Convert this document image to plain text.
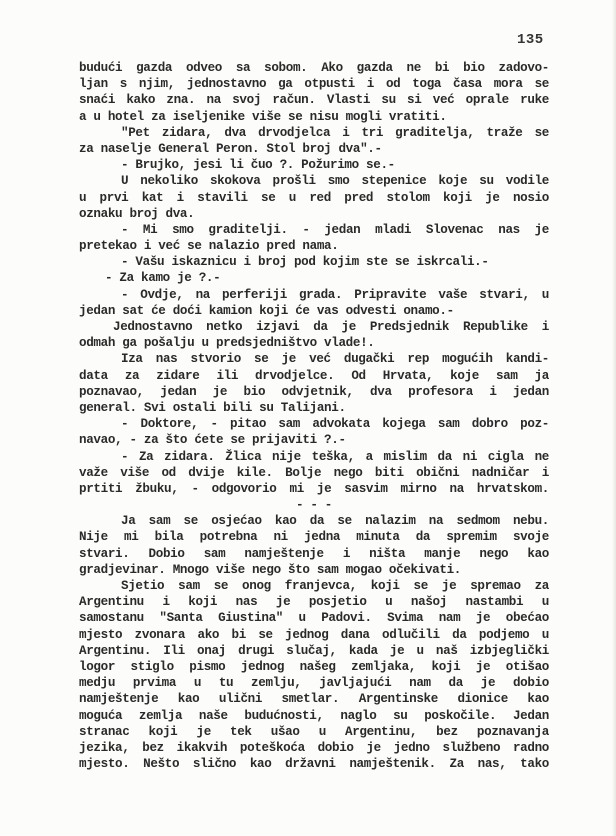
135
budući gazda odveo sa sobom. Ako gazda ne bi bio zadovo-
ljan s njim, jednostavno ga otpusti i od toga časa mora se
snaći kako zna. na svoj račun. Vlasti su si već oprale ruke
a u hotel za iseljenike više se nisu mogli vratiti.
"Pet zidara, dva drvodjelca i tri graditelja, traže se
za naselje General Peron. Stol broj dva".-
- Brujko, jesi li čuo ?. Požurimo se.-
U nekoliko skokova prošli smo stepenice koje su vodile
u prvi kat i stavili se u red pred stolom koji je nosio
oznaku broj dva.
- Mi smo graditelji. - jedan mladi Slovenac nas je
pretekao i već se nalazio pred nama.
- Vašu iskaznicu i broj pod kojim ste se iskrcali.-
- Za kamo je ?.-
- Ovdje, na perferiji grada. Pripravite vaše stvari, u
jedan sat će doći kamion koji će vas odvesti onamo.-
Jednostavno netko izjavi da je Predsjednik Republike i
odmah ga pošalju u predsjedništvo vlade!.
Iza nas stvorio se je već dugački rep mogućih kandi-
data za zidare ili drvodjelce. Od Hrvata, koje sam ja
poznavao, jedan je bio odvjetnik, dva profesora i jedan
general. Svi ostali bili su Talijani.
- Doktore, - pitao sam advokata kojega sam dobro poz-
navao, - za što ćete se prijaviti ?.-
- Za zidara. Žlica nije teška, a mislim da ni cigla ne
važe više od dvije kile. Bolje nego biti obični nadničar i
prtiti žbuku, - odgovorio mi je sasvim mirno na hrvatskom.
- - -
Ja sam se osjećao kao da se nalazim na sedmom nebu.
Nije mi bila potrebna ni jedna minuta da spremim svoje
stvari. Dobio sam namještenje i ništa manje nego kao
gradjevinar. Mnogo više nego što sam mogao očekivati.
Sjetio sam se onog franjevca, koji se je spremao za
Argentinu i koji nas je posjetio u našoj nastambi u
samostanu "Santa Giustina" u Padovi. Svima nam je obećao
mjesto zvonara ako bi se jednog dana odlučili da podjemo u
Argentinu. Ili onaj drugi slučaj, kada je u naš izbjeglički
logor stiglo pismo jednog našeg zemljaka, koji je otišao
medju prvima u tu zemlju, javljajući nam da je dobio
namještenje kao ulični smetlar. Argentinske dionice kao
moguća zemlja naše budućnosti, naglo su poskočile. Jedan
stranac koji je tek ušao u Argentinu, bez poznavanja
jezika, bez ikakvih poteškoća dobio je jedno službeno radno
mjesto. Nešto slično kao državni namještenik. Za nas, tako
